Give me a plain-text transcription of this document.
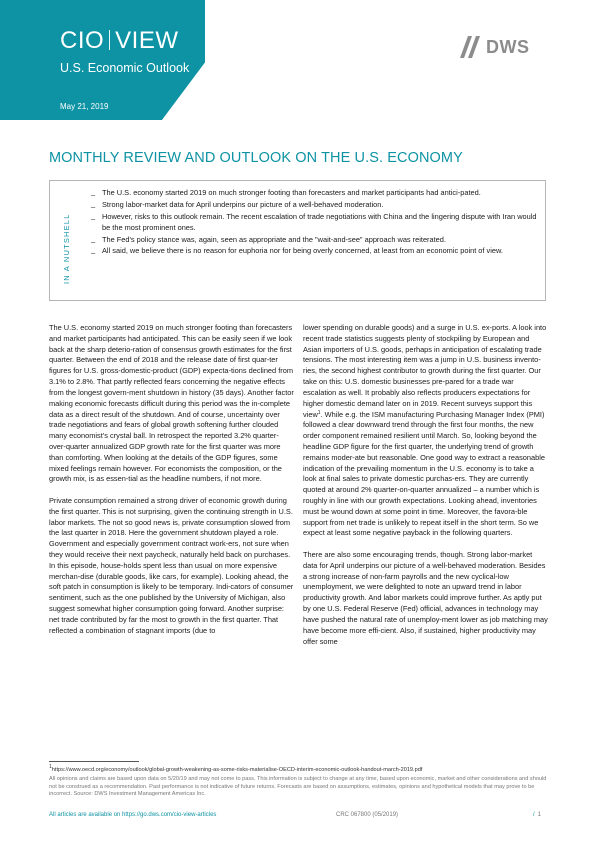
CIO VIEW
U.S. Economic Outlook
May 21, 2019
DWS
MONTHLY REVIEW AND OUTLOOK ON THE U.S. ECONOMY
IN A NUTSHELL
_ The U.S. economy started 2019 on much stronger footing than forecasters and market participants had antici-pated.
_ Strong labor-market data for April underpins our picture of a well-behaved moderation.
_ However, risks to this outlook remain. The recent escalation of trade negotiations with China and the lingering dispute with Iran would be the most prominent ones.
_ The Fed's policy stance was, again, seen as appropriate and the "wait-and-see" approach was reiterated.
_ All said, we believe there is no reason for euphoria nor for being overly concerned, at least from an economic point of view.

The U.S. economy started 2019 on much stronger footing than forecasters and market participants had anticipated. This can be easily seen if we look back at the sharp deterio-ration of consensus growth estimates for the first quarter. Between the end of 2018 and the release date of first quar-ter figures for U.S. gross-domestic-product (GDP) expecta-tions declined from 3.1% to 2.8%. That partly reflected fears concerning the negative effects from the longest govern-ment shutdown in history (35 days). Another factor making economic forecasts difficult during this period was the in-complete data as a direct result of the shutdown. And of course, uncertainty over trade negotiations and fears of global growth softening further clouded many economist's crystal ball. In retrospect the reported 3.2% quarter-over-quarter annualized GDP growth rate for the first quarter was more than comforting. When looking at the details of the GDP figures, some mixed feelings remain however. For economists the composition, or the growth mix, is as essen-tial as the headline numbers, if not more.

Private consumption remained a strong driver of economic growth during the first quarter. This is not surprising, given the continuing strength in U.S. labor markets. The not so good news is, private consumption slowed from the last quarter in 2018. Here the government shutdown played a role. Government and especially government contract work-ers, not sure when they would receive their next paycheck, naturally held back on purchases. In this episode, house-holds spent less than usual on more expensive merchan-dise (durable goods, like cars, for example). Looking ahead, the soft patch in consumption is likely to be temporary. Indi-cators of consumer sentiment, such as the one published by the University of Michigan, also suggest somewhat higher consumption going forward. Another surprise: net trade contributed by far the most to growth in the first quarter. That reflected a combination of stagnant imports (due to

lower spending on durable goods) and a surge in U.S. ex-ports. A look into recent trade statistics suggests plenty of stockpiling by European and Asian importers of U.S. goods, perhaps in anticipation of escalating trade tensions. The most interesting item was a jump in U.S. business invento-ries, the second highest contributor to growth during the first quarter. Our take on this: U.S. domestic businesses pre-pared for a trade war escalation as well. It probably also reflects producers expectations for higher domestic demand later on in 2019. Recent surveys support this view$^1$. While e.g. the ISM manufacturing Purchasing Manager Index (PMI) followed a clear downward trend through the first four months, the new order component remained resilient until March. So, looking beyond the headline GDP figure for the first quarter, the underlying trend of growth remains moder-ate but reasonable. One good way to extract a reasonable indication of the prevailing momentum in the U.S. economy is to take a look at final sales to private domestic purchas-ers. They are currently quoted at around 2% quarter-on-quarter annualized – a number which is roughly in line with our growth expectations. Looking ahead, inventories must be wound down at some point in time. Moreover, the favora-ble support from net trade is unlikely to repeat itself in the short term. So we expect at least some negative payback in the following quarters.

There are also some encouraging trends, though. Strong labor-market data for April underpins our picture of a well-behaved moderation. Besides a strong increase of non-farm payrolls and the new cyclical-low unemployment, we were delighted to note an upward trend in labor productivity growth. And labor markets could improve further. As aptly put by one U.S. Federal Reserve (Fed) official, advances in technology may have pushed the natural rate of unemploy-ment lower as job matching may have become more effi-cient. Also, if sustained, higher productivity may offer some

$^1$https://www.oecd.org/economy/outlook/global-growth-weakening-as-some-risks-materialise-OECD-interim-economic-outlook-handout-march-2019.pdf
All opinions and claims are based upon data on 5/20/19 and may not come to pass. This information is subject to change at any time, based upon economic, market and other considerations and should not be construed as a recommendation. Past performance is not indicative of future returns. Forecasts are based on assumptions, estimates, opinions and hypothetical models that may prove to be incorrect. Source: DWS Investment Management Americas Inc.
All articles are available on https://go.dws.com/cio-view-articles	CRC 067800 (05/2019)	/ 1
